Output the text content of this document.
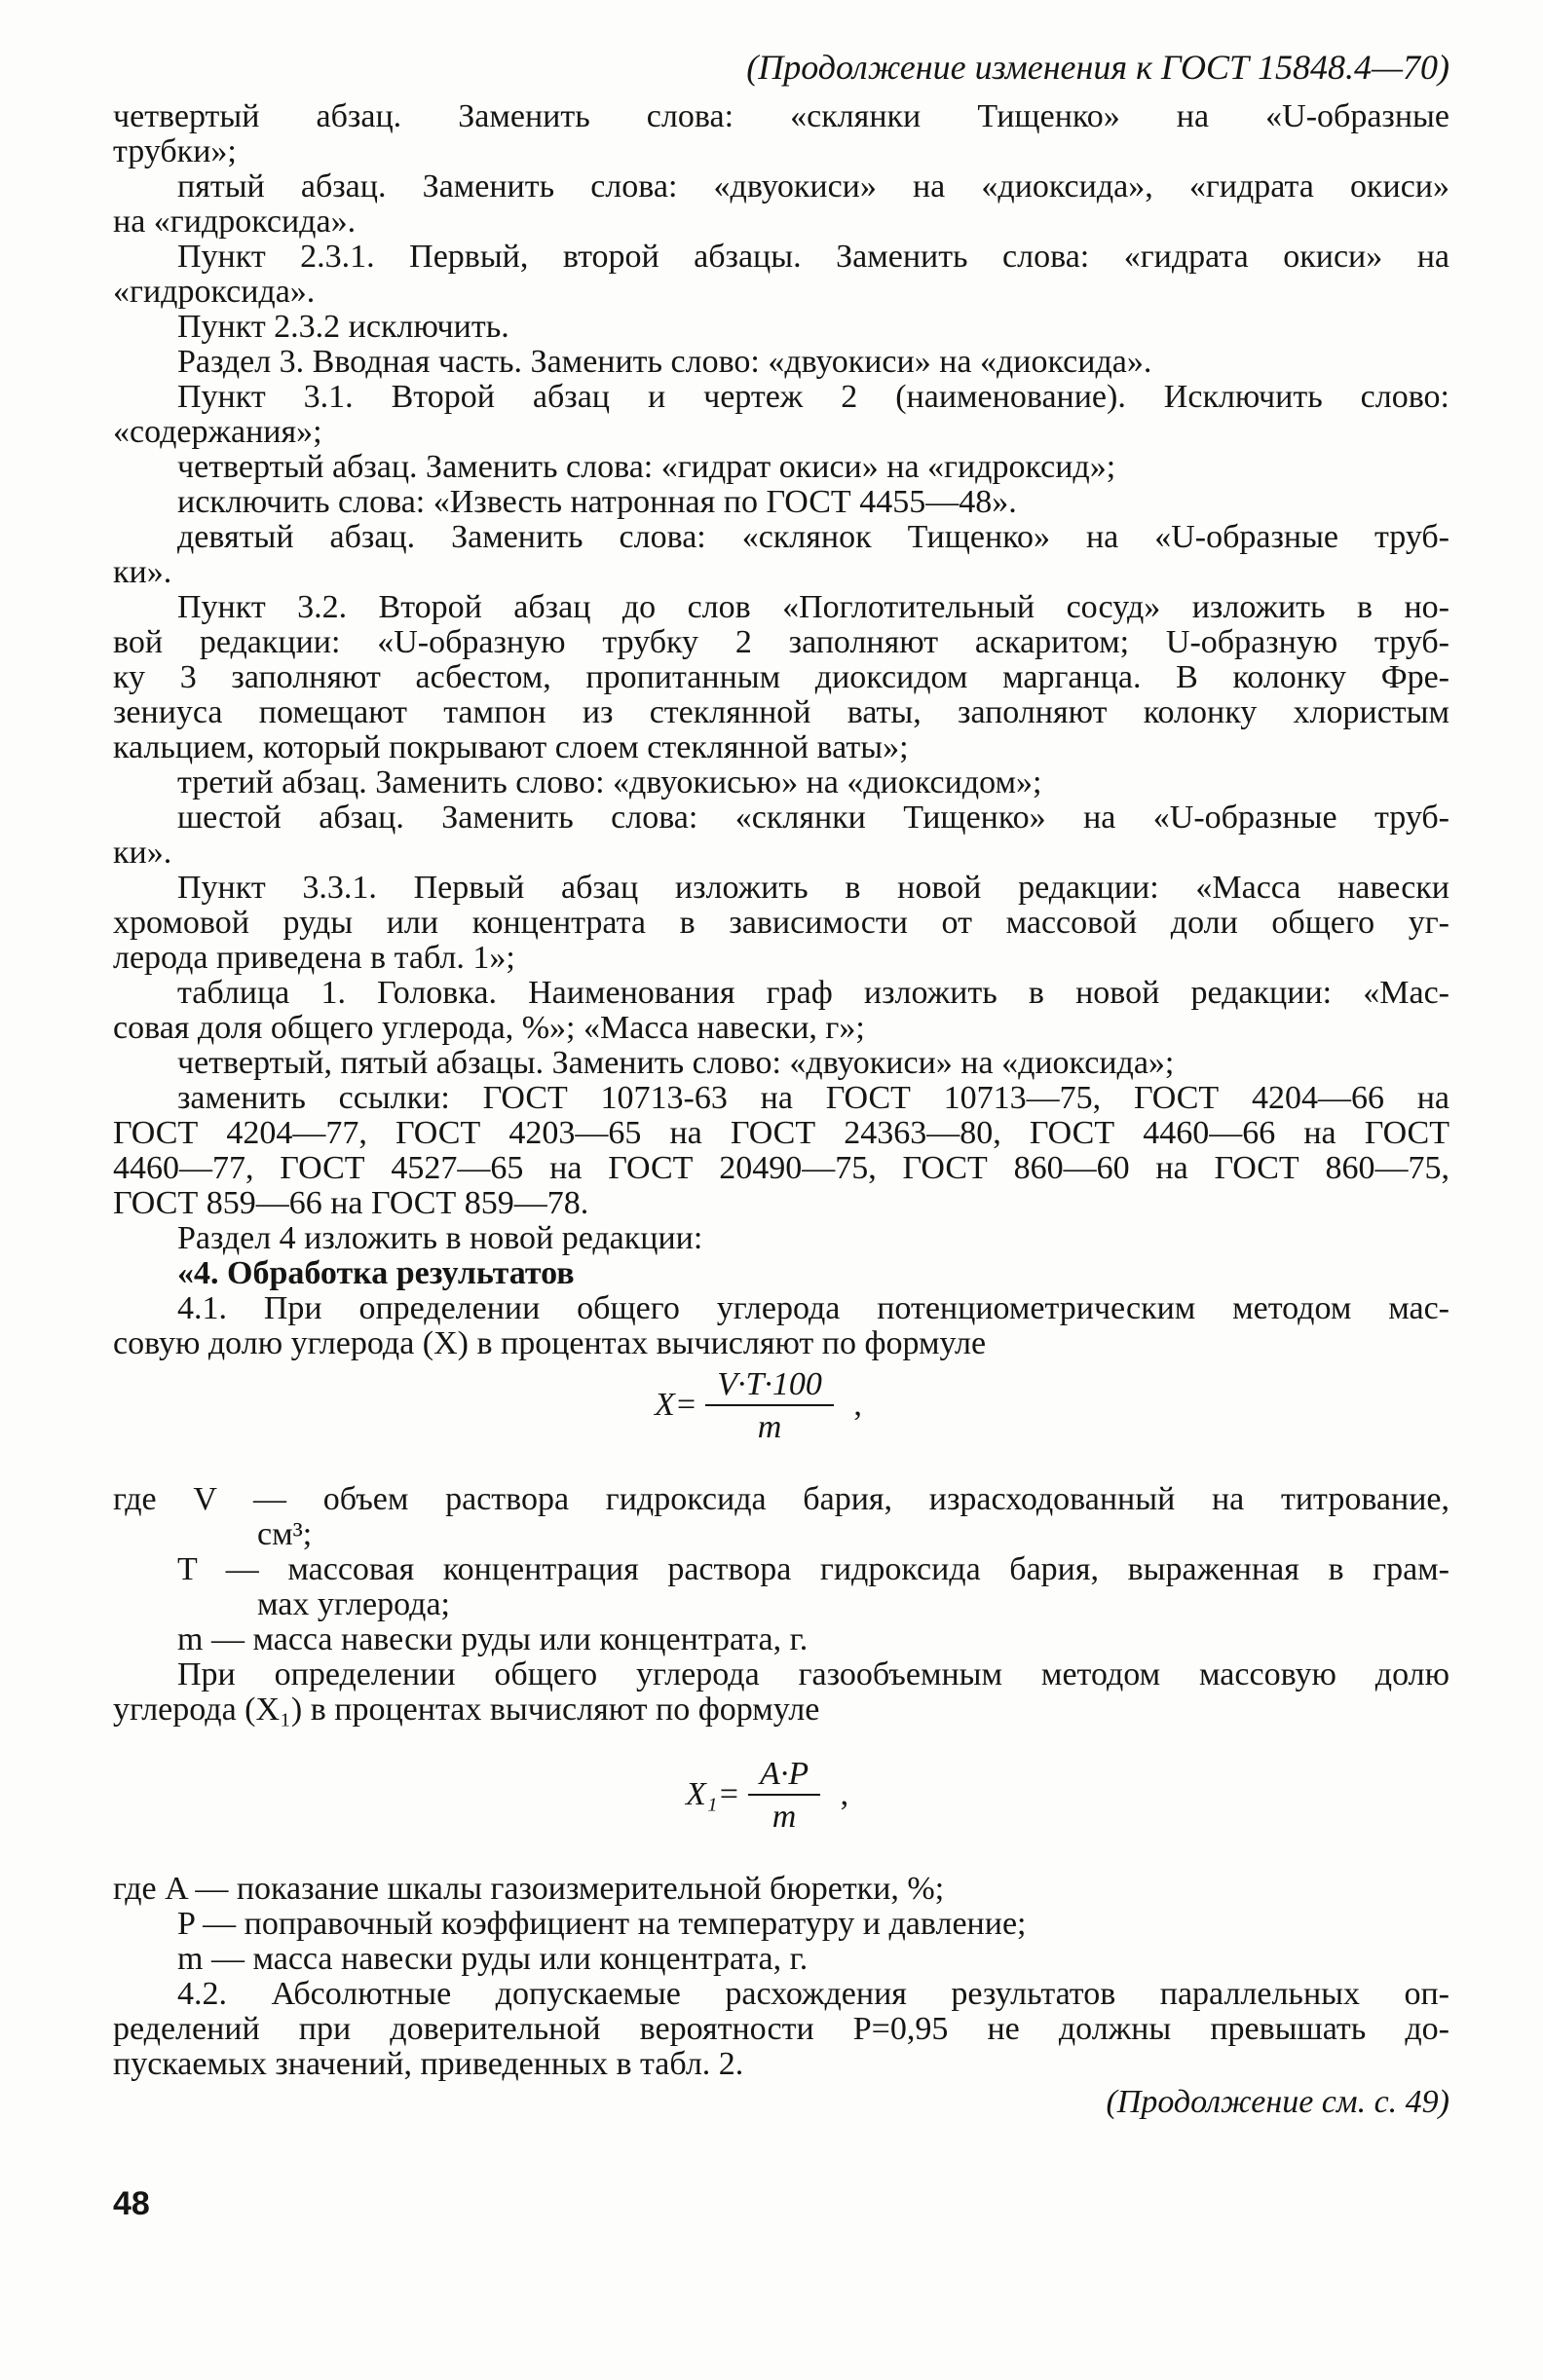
(Продолжение изменения к ГОСТ 15848.4—70)
четвертый абзац. Заменить слова: «склянки Тищенко» на «U-образные
трубки»;
пятый абзац. Заменить слова: «двуокиси» на «диоксида», «гидрата окиси»
на «гидроксида».
Пункт 2.3.1. Первый, второй абзацы. Заменить слова: «гидрата окиси» на
«гидроксида».
Пункт 2.3.2 исключить.
Раздел 3. Вводная часть. Заменить слово: «двуокиси» на «диоксида».
Пункт 3.1. Второй абзац и чертеж 2 (наименование). Исключить слово:
«содержания»;
четвертый абзац. Заменить слова: «гидрат окиси» на «гидроксид»;
исключить слова: «Известь натронная по ГОСТ 4455—48».
девятый абзац. Заменить слова: «склянок Тищенко» на «U-образные труб-
ки».
Пункт 3.2. Второй абзац до слов «Поглотительный сосуд» изложить в но-
вой редакции: «U-образную трубку 2 заполняют аскаритом; U-образную труб-
ку 3 заполняют асбестом, пропитанным диоксидом марганца. В колонку Фре-
зениуса помещают тампон из стеклянной ваты, заполняют колонку хлористым
кальцием, который покрывают слоем стеклянной ваты»;
третий абзац. Заменить слово: «двуокисью» на «диоксидом»;
шестой абзац. Заменить слова: «склянки Тищенко» на «U-образные труб-
ки».
Пункт 3.3.1. Первый абзац изложить в новой редакции: «Масса навески
хромовой руды или концентрата в зависимости от массовой доли общего уг-
лерода приведена в табл. 1»;
таблица 1. Головка. Наименования граф изложить в новой редакции: «Мас-
совая доля общего углерода, %»; «Масса навески, г»;
четвертый, пятый абзацы. Заменить слово: «двуокиси» на «диоксида»;
заменить ссылки: ГОСТ 10713-63 на ГОСТ 10713—75, ГОСТ 4204—66 на
ГОСТ 4204—77, ГОСТ 4203—65 на ГОСТ 24363—80, ГОСТ 4460—66 на ГОСТ
4460—77, ГОСТ 4527—65 на ГОСТ 20490—75, ГОСТ 860—60 на ГОСТ 860—75,
ГОСТ 859—66 на ГОСТ 859—78.
Раздел 4 изложить в новой редакции:
«4. Обработка результатов
4.1. При определении общего углерода потенциометрическим методом мас-
совую долю углерода (X) в процентах вычисляют по формуле
$X= \frac{V\cdot T\cdot 100}{m}$ ,
где V — объем раствора гидроксида бария, израсходованный на титрование,
см³;
T — массовая концентрация раствора гидроксида бария, выраженная в грам-
мах углерода;
m — масса навески руды или концентрата, г.
При определении общего углерода газообъемным методом массовую долю
углерода (X₁) в процентах вычисляют по формуле
$X_1= \frac{A\cdot P}{m}$ ,
где A — показание шкалы газоизмерительной бюретки, %;
P — поправочный коэффициент на температуру и давление;
m — масса навески руды или концентрата, г.
4.2. Абсолютные допускаемые расхождения результатов параллельных оп-
ределений при доверительной вероятности P=0,95 не должны превышать до-
пускаемых значений, приведенных в табл. 2.
(Продолжение см. с. 49)
48
